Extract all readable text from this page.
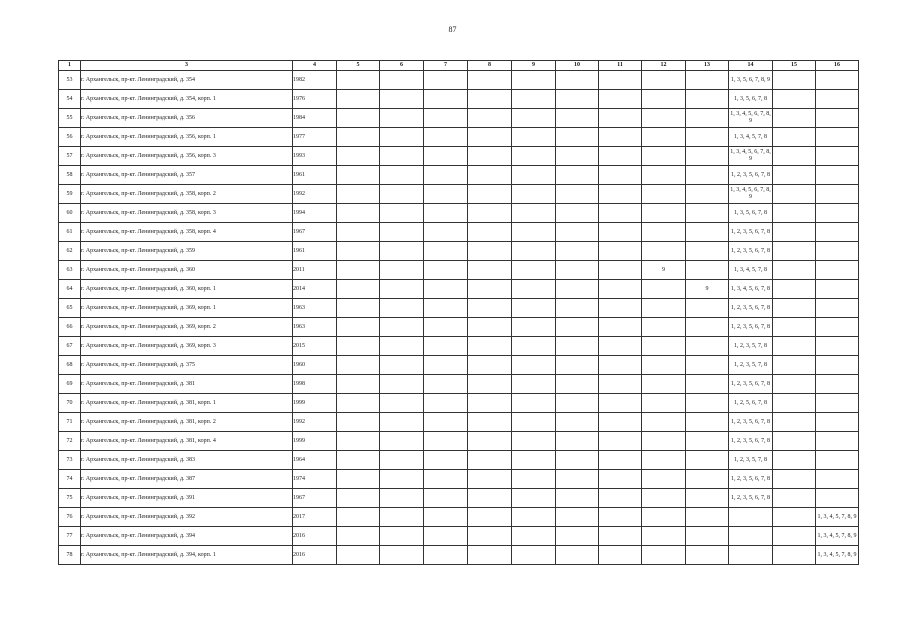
87
1	3	4	5	6	7	8	9	10	11	12	13	14	15	16
53	г. Архангельск, пр-кт. Ленинградский, д. 354	1982										1, 3, 5, 6, 7, 8, 9		
54	г. Архангельск, пр-кт. Ленинградский, д. 354, корп. 1	1976										1, 3, 5, 6, 7, 8		
55	г. Архангельск, пр-кт. Ленинградский, д. 356	1984										1, 3, 4, 5, 6, 7, 8, 9		
56	г. Архангельск, пр-кт. Ленинградский, д. 356, корп. 1	1977										1, 3, 4, 5, 7, 8		
57	г. Архангельск, пр-кт. Ленинградский, д. 356, корп. 3	1993										1, 3, 4, 5, 6, 7, 8, 9		
58	г. Архангельск, пр-кт. Ленинградский, д. 357	1961										1, 2, 3, 5, 6, 7, 8		
59	г. Архангельск, пр-кт. Ленинградский, д. 358, корп. 2	1992										1, 3, 4, 5, 6, 7, 8, 9		
60	г. Архангельск, пр-кт. Ленинградский, д. 358, корп. 3	1994										1, 3, 5, 6, 7, 8		
61	г. Архангельск, пр-кт. Ленинградский, д. 358, корп. 4	1967										1, 2, 3, 5, 6, 7, 8		
62	г. Архангельск, пр-кт. Ленинградский, д. 359	1961										1, 2, 3, 5, 6, 7, 8		
63	г. Архангельск, пр-кт. Ленинградский, д. 360	2011								9		1, 3, 4, 5, 7, 8		
64	г. Архангельск, пр-кт. Ленинградский, д. 360, корп. 1	2014									9	1, 3, 4, 5, 6, 7, 8		
65	г. Архангельск, пр-кт. Ленинградский, д. 369, корп. 1	1963										1, 2, 3, 5, 6, 7, 8		
66	г. Архангельск, пр-кт. Ленинградский, д. 369, корп. 2	1963										1, 2, 3, 5, 6, 7, 8		
67	г. Архангельск, пр-кт. Ленинградский, д. 369, корп. 3	2015										1, 2, 3, 5, 7, 8		
68	г. Архангельск, пр-кт. Ленинградский, д. 375	1960										1, 2, 3, 5, 7, 8		
69	г. Архангельск, пр-кт. Ленинградский, д. 381	1998										1, 2, 3, 5, 6, 7, 8		
70	г. Архангельск, пр-кт. Ленинградский, д. 381, корп. 1	1999										1, 2, 5, 6, 7, 8		
71	г. Архангельск, пр-кт. Ленинградский, д. 381, корп. 2	1992										1, 2, 3, 5, 6, 7, 8		
72	г. Архангельск, пр-кт. Ленинградский, д. 381, корп. 4	1999										1, 2, 3, 5, 6, 7, 8		
73	г. Архангельск, пр-кт. Ленинградский, д. 383	1964										1, 2, 3, 5, 7, 8		
74	г. Архангельск, пр-кт. Ленинградский, д. 387	1974										1, 2, 3, 5, 6, 7, 8		
75	г. Архангельск, пр-кт. Ленинградский, д. 391	1967										1, 2, 3, 5, 6, 7, 8		
76	г. Архангельск, пр-кт. Ленинградский, д. 392	2017												1, 3, 4, 5, 7, 8, 9
77	г. Архангельск, пр-кт. Ленинградский, д. 394	2016												1, 3, 4, 5, 7, 8, 9
78	г. Архангельск, пр-кт. Ленинградский, д. 394, корп. 1	2016												1, 3, 4, 5, 7, 8, 9
